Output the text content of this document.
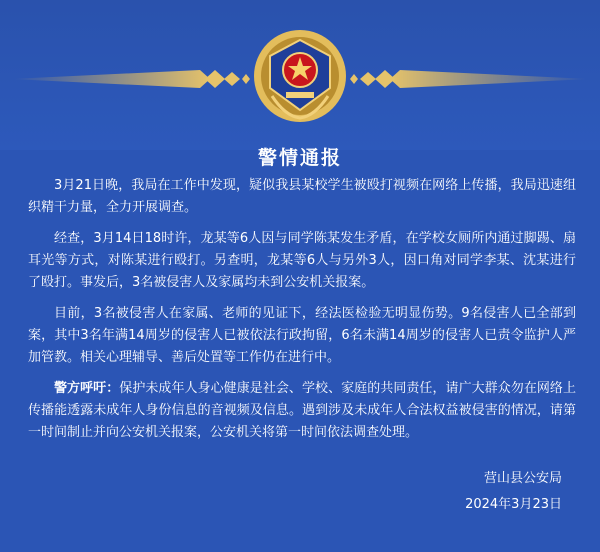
警情通报

3月21日晚，我局在工作中发现，疑似我县某校学生被殴打视频在网络上传播，我局迅速组织精干力量，全力开展调查。

经查，3月14日18时许，龙某等6人因与同学陈某发生矛盾，在学校女厕所内通过脚踢、扇耳光等方式，对陈某进行殴打。另查明，龙某等6人与另外3人，因口角对同学李某、沈某进行了殴打。事发后，3名被侵害人及家属均未到公安机关报案。

目前，3名被侵害人在家属、老师的见证下，经法医检验无明显伤势。9名侵害人已全部到案，其中3名年满14周岁的侵害人已被依法行政拘留，6名未满14周岁的侵害人已责令监护人严加管教。相关心理辅导、善后处置等工作仍在进行中。

警方呼吁：保护未成年人身心健康是社会、学校、家庭的共同责任，请广大群众勿在网络上传播能透露未成年人身份信息的音视频及信息。遇到涉及未成年人合法权益被侵害的情况，请第一时间制止并向公安机关报案，公安机关将第一时间依法调查处理。

营山县公安局
2024年3月23日
